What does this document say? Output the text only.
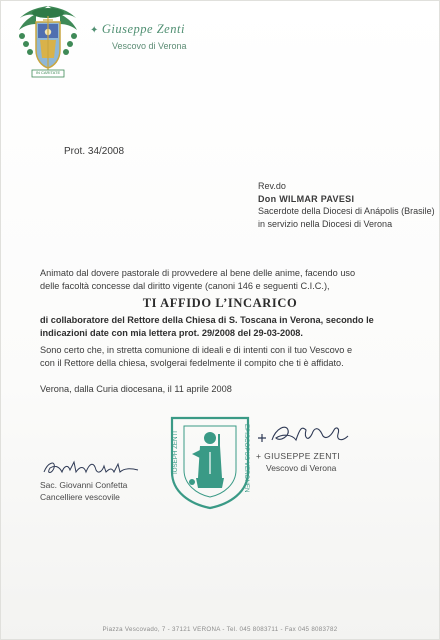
IN CARITATE
✦ Giuseppe Zenti
Vescovo di Verona
Prot. 34/2008
Rev.do
Don WILMAR PAVESI
Sacerdote della Diocesi di Anápolis (Brasile)
in servizio nella Diocesi di Verona
Animato dal dovere pastorale di provvedere al bene delle anime, facendo uso
delle facoltà concesse dal diritto vigente (canoni 146 e seguenti C.I.C.),
TI AFFIDO L’INCARICO
di collaboratore del Rettore della Chiesa di S. Toscana in Verona, secondo le
indicazioni date con mia lettera prot. 29/2008 del 29-03-2008.
Sono certo che, in stretta comunione di ideali e di intenti con il tuo Vescovo e
con il Rettore della chiesa, svolgerai fedelmente il compito che ti è affidato.
Verona, dalla Curia diocesana, il 11 aprile 2008
IOSEPH ZENTI	EPISCOPUS VERONEN + GIUSEPPE ZENTI
Vescovo di Verona
Sac. Giovanni Confetta
Cancelliere vescovile
Piazza Vescovado, 7 - 37121 VERONA - Tel. 045 8083711 - Fax 045 8083782
